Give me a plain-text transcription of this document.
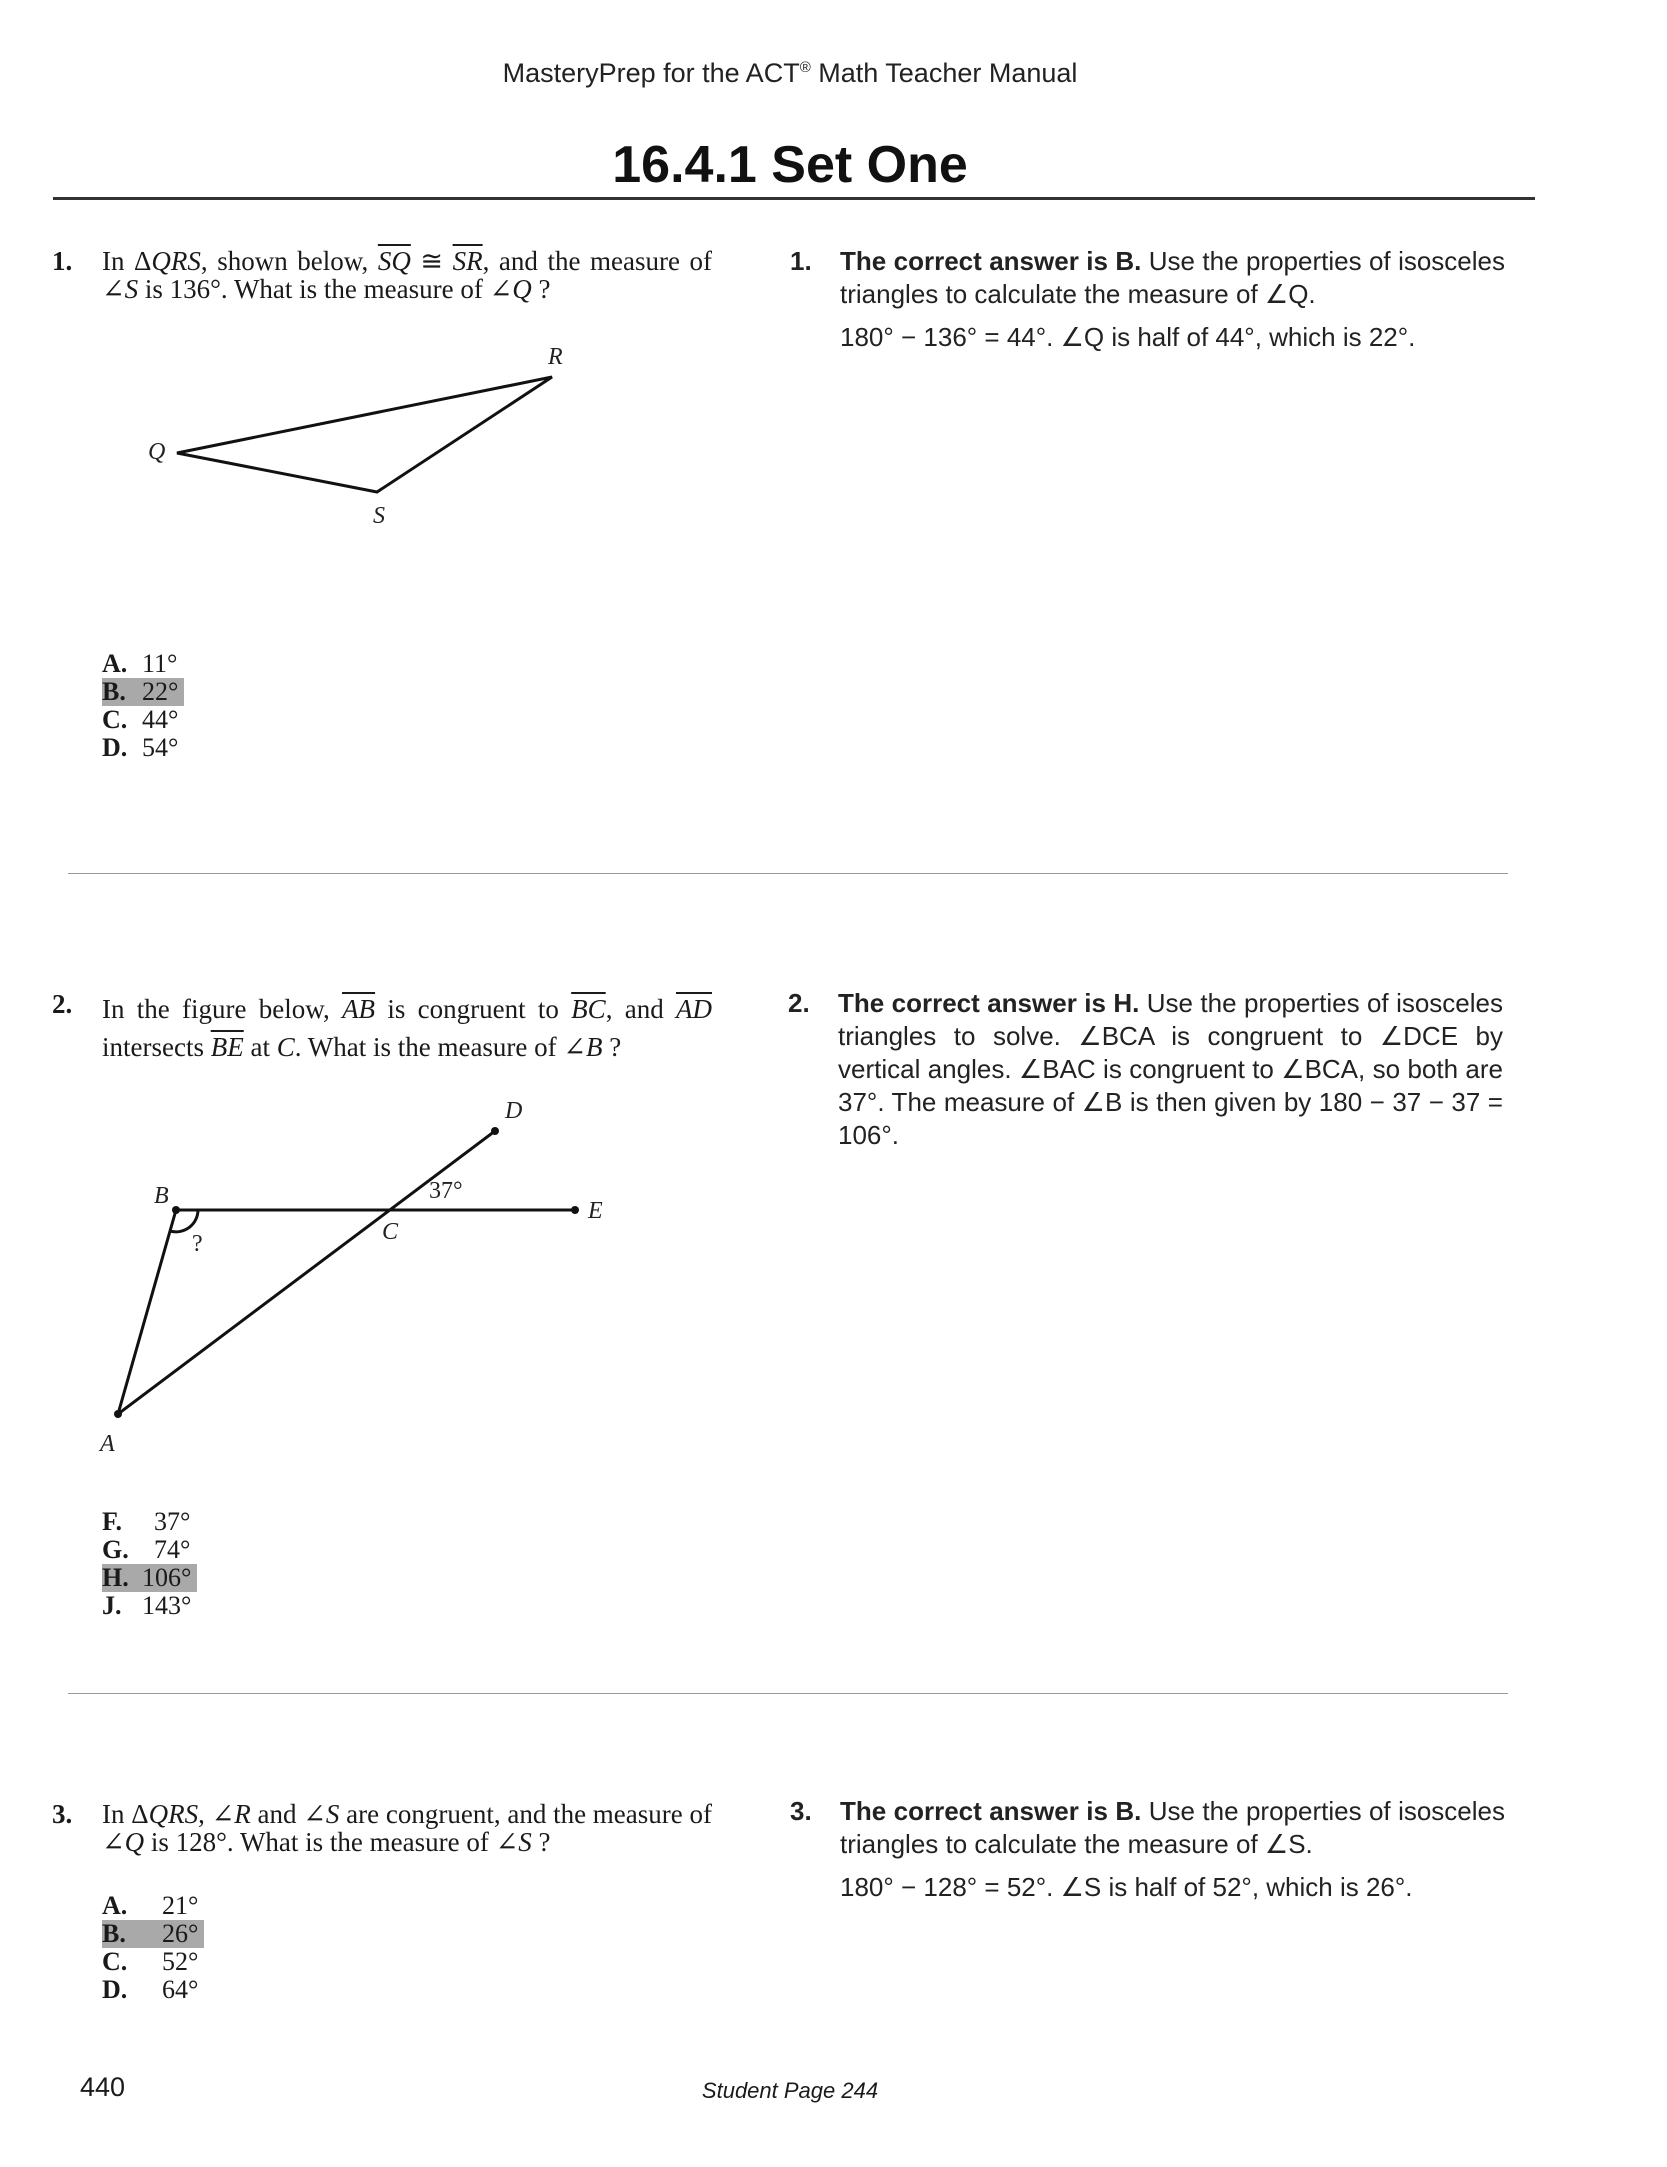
MasteryPrep for the ACT® Math Teacher Manual
16.4.1 Set One
1. In ΔQRS, shown below, $\overline{SQ}$ ≅ $\overline{SR}$, and the measure of ∠S is 136°. What is the measure of ∠Q ?
Q
R
S
A. 11°
B. 22°
C. 44°
D. 54°
1. The correct answer is B. Use the properties of isosceles triangles to calculate the measure of ∠Q.

180° − 136° = 44°. ∠Q is half of 44°, which is 22°.

2. In the figure below, $\overline{AB}$ is congruent to $\overline{BC}$, and $\overline{AD}$ intersects $\overline{BE}$ at C. What is the measure of ∠B ?
B
C
D
E
A
37°
?
F. 37°
G. 74°
H. 106°
J. 143°
2. The correct answer is H. Use the properties of isosceles triangles to solve. ∠BCA is congruent to ∠DCE by vertical angles. ∠BAC is congruent to ∠BCA, so both are 37°. The measure of ∠B is then given by 180 − 37 − 37 = 106°.

3. In ΔQRS, ∠R and ∠S are congruent, and the measure of ∠Q is 128°. What is the measure of ∠S ?
A. 21°
B. 26°
C. 52°
D. 64°
3. The correct answer is B. Use the properties of isosceles triangles to calculate the measure of ∠S.

180° − 128° = 52°. ∠S is half of 52°, which is 26°.

440	Student Page 244
